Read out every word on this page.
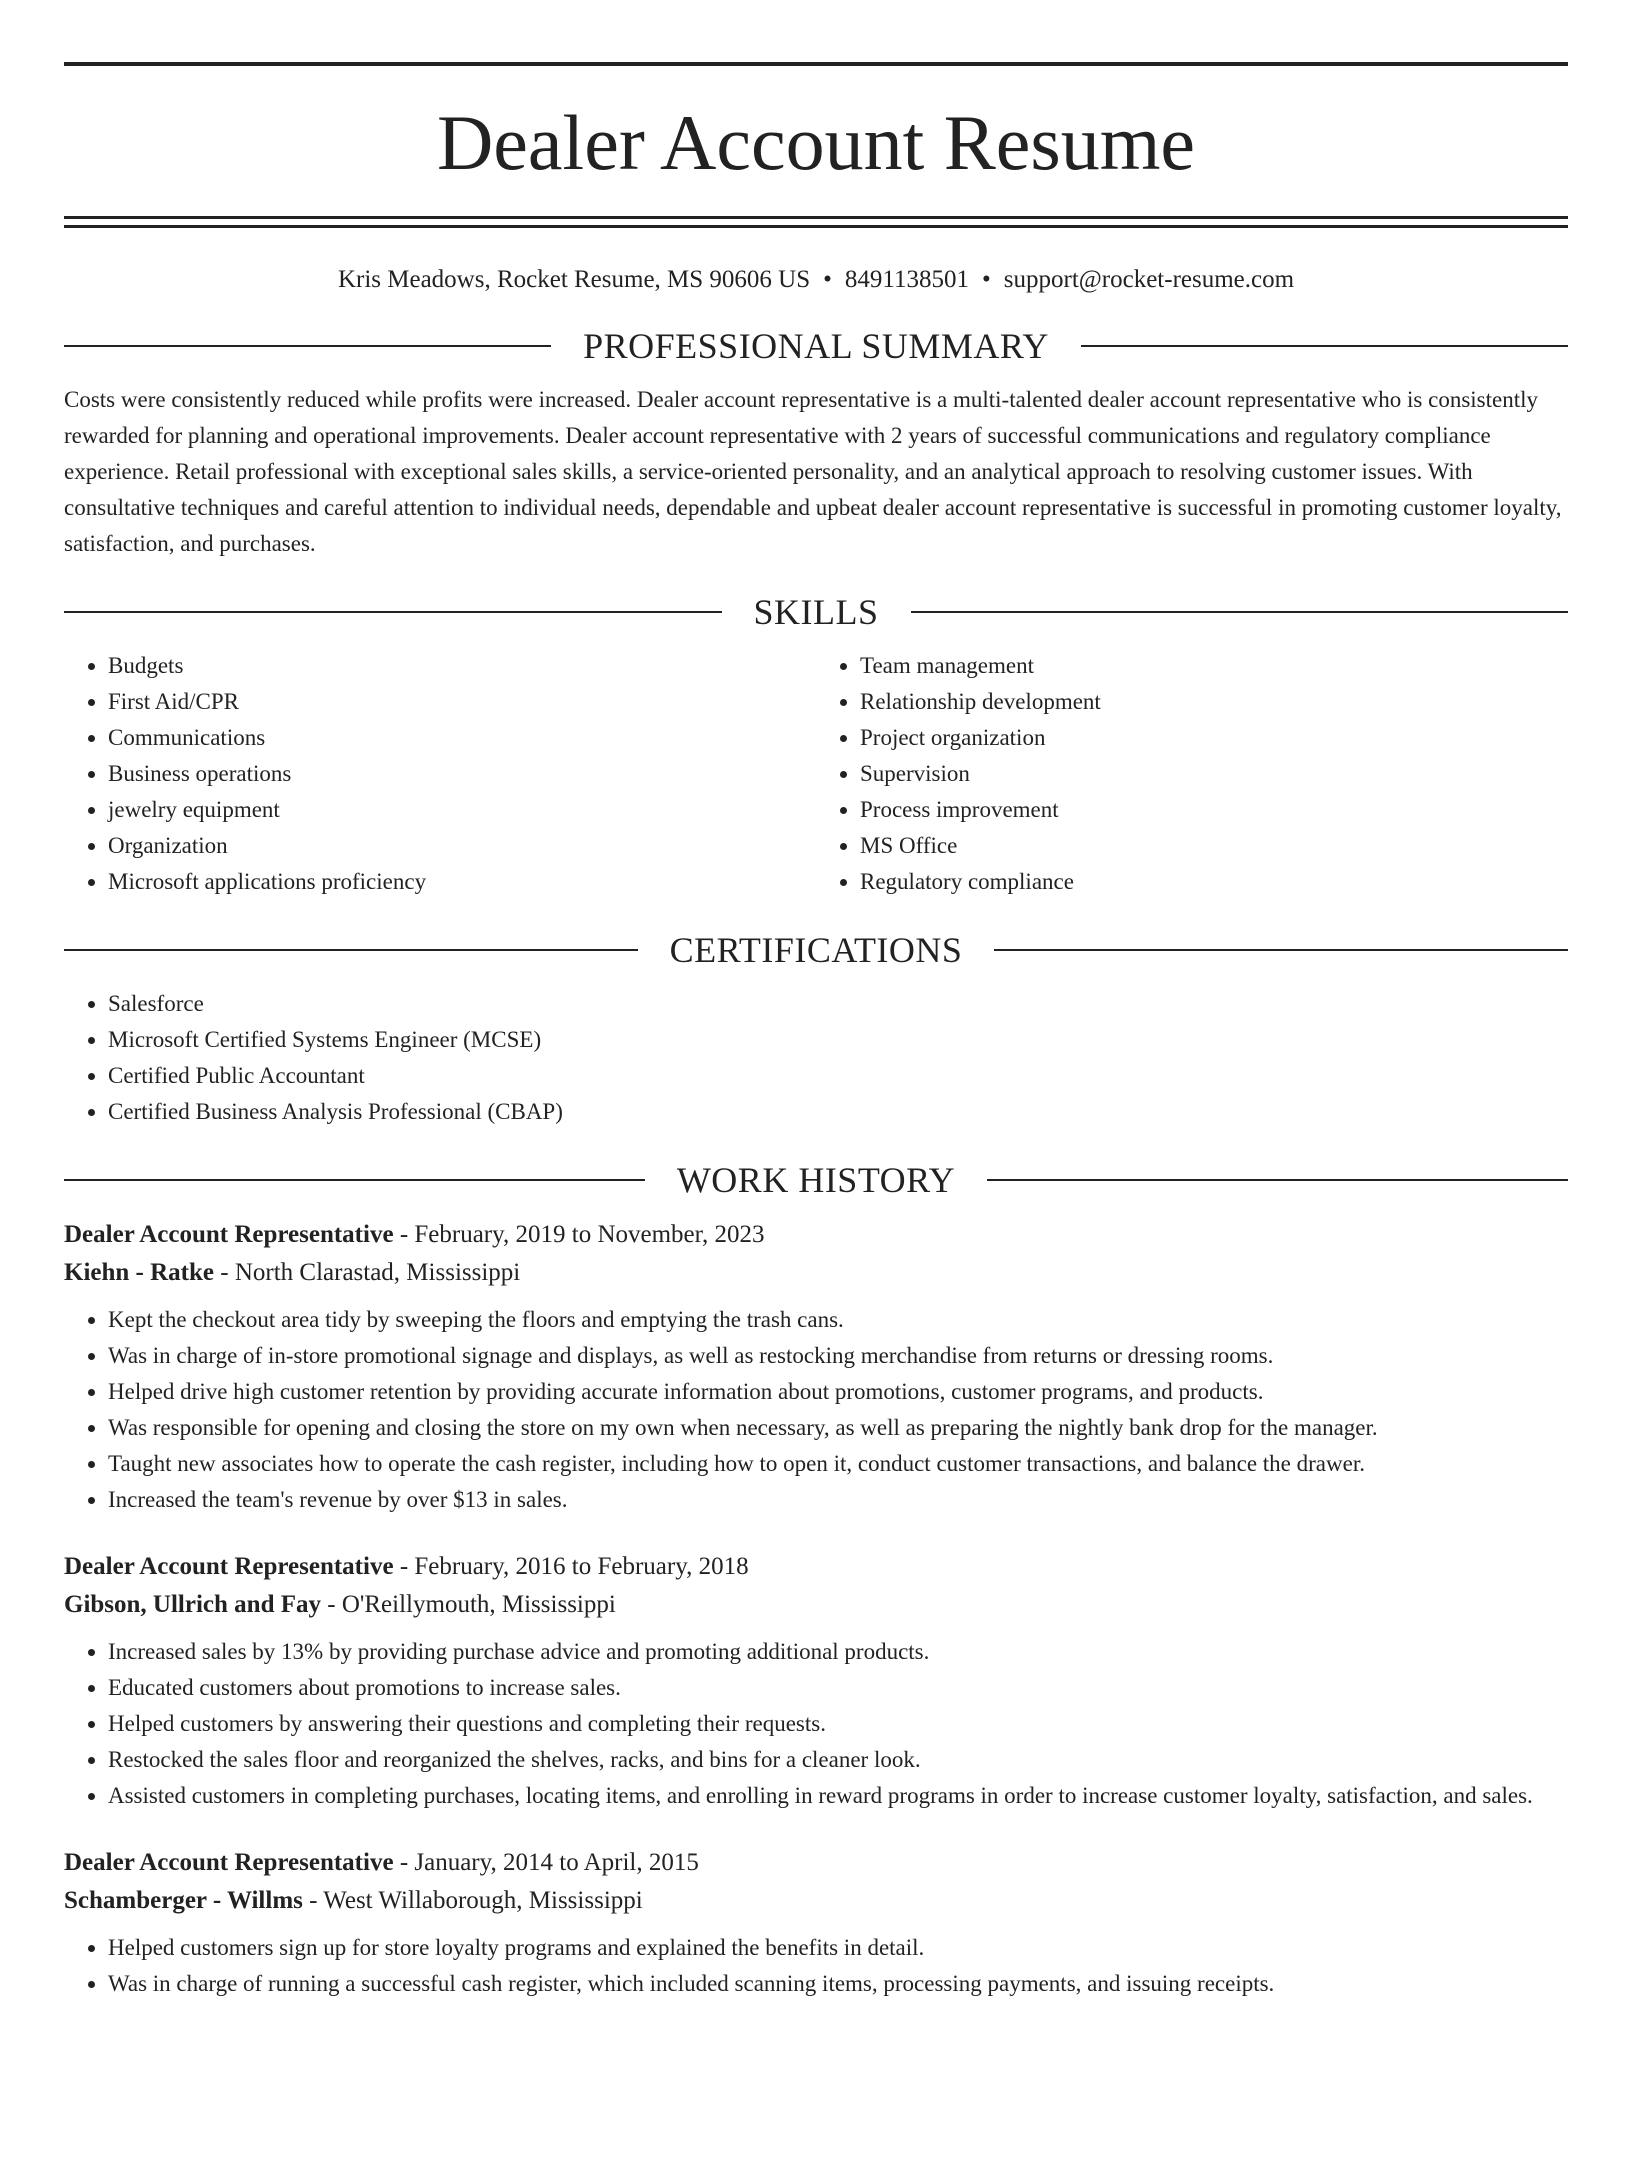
Dealer Account Resume
Kris Meadows, Rocket Resume, MS 90606 US • 8491138501 • support@rocket-resume.com
PROFESSIONAL SUMMARY

Costs were consistently reduced while profits were increased. Dealer account representative is a multi-talented dealer account representative who is consistently rewarded for planning and operational improvements. Dealer account representative with 2 years of successful communications and regulatory compliance experience. Retail professional with exceptional sales skills, a service-oriented personality, and an analytical approach to resolving customer issues. With consultative techniques and careful attention to individual needs, dependable and upbeat dealer account representative is successful in promoting customer loyalty, satisfaction, and purchases.

SKILLS
• Budgets
• First Aid/CPR
• Communications
• Business operations
• jewelry equipment
• Organization
• Microsoft applications proficiency
• Team management
• Relationship development
• Project organization
• Supervision
• Process improvement
• MS Office
• Regulatory compliance
CERTIFICATIONS
• Salesforce
• Microsoft Certified Systems Engineer (MCSE)
• Certified Public Accountant
• Certified Business Analysis Professional (CBAP)
WORK HISTORY
Dealer Account Representative - February, 2019 to November, 2023
Kiehn - Ratke - North Clarastad, Mississippi
• Kept the checkout area tidy by sweeping the floors and emptying the trash cans.
• Was in charge of in-store promotional signage and displays, as well as restocking merchandise from returns or dressing rooms.
• Helped drive high customer retention by providing accurate information about promotions, customer programs, and products.
• Was responsible for opening and closing the store on my own when necessary, as well as preparing the nightly bank drop for the manager.
• Taught new associates how to operate the cash register, including how to open it, conduct customer transactions, and balance the drawer.
• Increased the team's revenue by over $13 in sales.
Dealer Account Representative - February, 2016 to February, 2018
Gibson, Ullrich and Fay - O'Reillymouth, Mississippi
• Increased sales by 13% by providing purchase advice and promoting additional products.
• Educated customers about promotions to increase sales.
• Helped customers by answering their questions and completing their requests.
• Restocked the sales floor and reorganized the shelves, racks, and bins for a cleaner look.
• Assisted customers in completing purchases, locating items, and enrolling in reward programs in order to increase customer loyalty, satisfaction, and sales.
Dealer Account Representative - January, 2014 to April, 2015
Schamberger - Willms - West Willaborough, Mississippi
• Helped customers sign up for store loyalty programs and explained the benefits in detail.
• Was in charge of running a successful cash register, which included scanning items, processing payments, and issuing receipts.
